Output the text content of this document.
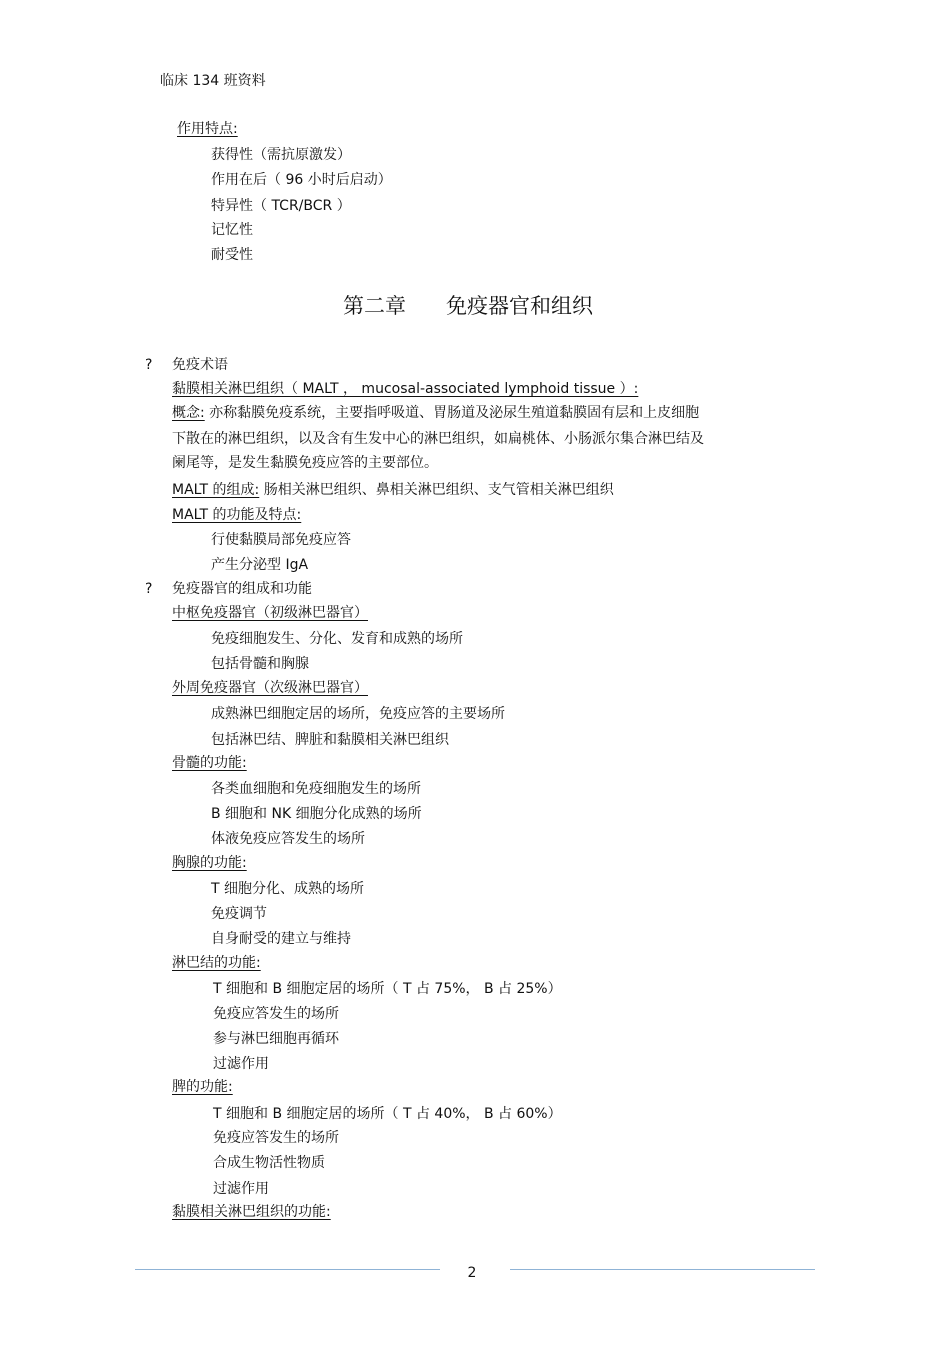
临床 134 班资料
作用特点:
获得性（需抗原激发）
作用在后（ 96 小时后启动）
特异性（ TCR/BCR ）
记忆性
耐受性
第二章      免疫器官和组织
? 免疫术语
黏膜相关淋巴组织（ MALT ， mucosal-associated lymphoid tissue ）:
概念: 亦称黏膜免疫系统，主要指呼吸道、胃肠道及泌尿生殖道黏膜固有层和上皮细胞
下散在的淋巴组织，以及含有生发中心的淋巴组织，如扁桃体、小肠派尔集合淋巴结及
阑尾等，是发生黏膜免疫应答的主要部位。
MALT 的组成: 肠相关淋巴组织、鼻相关淋巴组织、支气管相关淋巴组织
MALT 的功能及特点:
行使黏膜局部免疫应答
产生分泌型 IgA
? 免疫器官的组成和功能
中枢免疫器官（初级淋巴器官）
免疫细胞发生、分化、发育和成熟的场所
包括骨髓和胸腺
外周免疫器官（次级淋巴器官）
成熟淋巴细胞定居的场所，免疫应答的主要场所
包括淋巴结、脾脏和黏膜相关淋巴组织
骨髓的功能:
各类血细胞和免疫细胞发生的场所
B 细胞和 NK 细胞分化成熟的场所
体液免疫应答发生的场所
胸腺的功能:
T 细胞分化、成熟的场所
免疫调节
自身耐受的建立与维持
淋巴结的功能:
T 细胞和 B 细胞定居的场所（ T 占 75%， B 占 25%）
免疫应答发生的场所
参与淋巴细胞再循环
过滤作用
脾的功能:
T 细胞和 B 细胞定居的场所（ T 占 40%， B 占 60%）
免疫应答发生的场所
合成生物活性物质
过滤作用
黏膜相关淋巴组织的功能:
2
